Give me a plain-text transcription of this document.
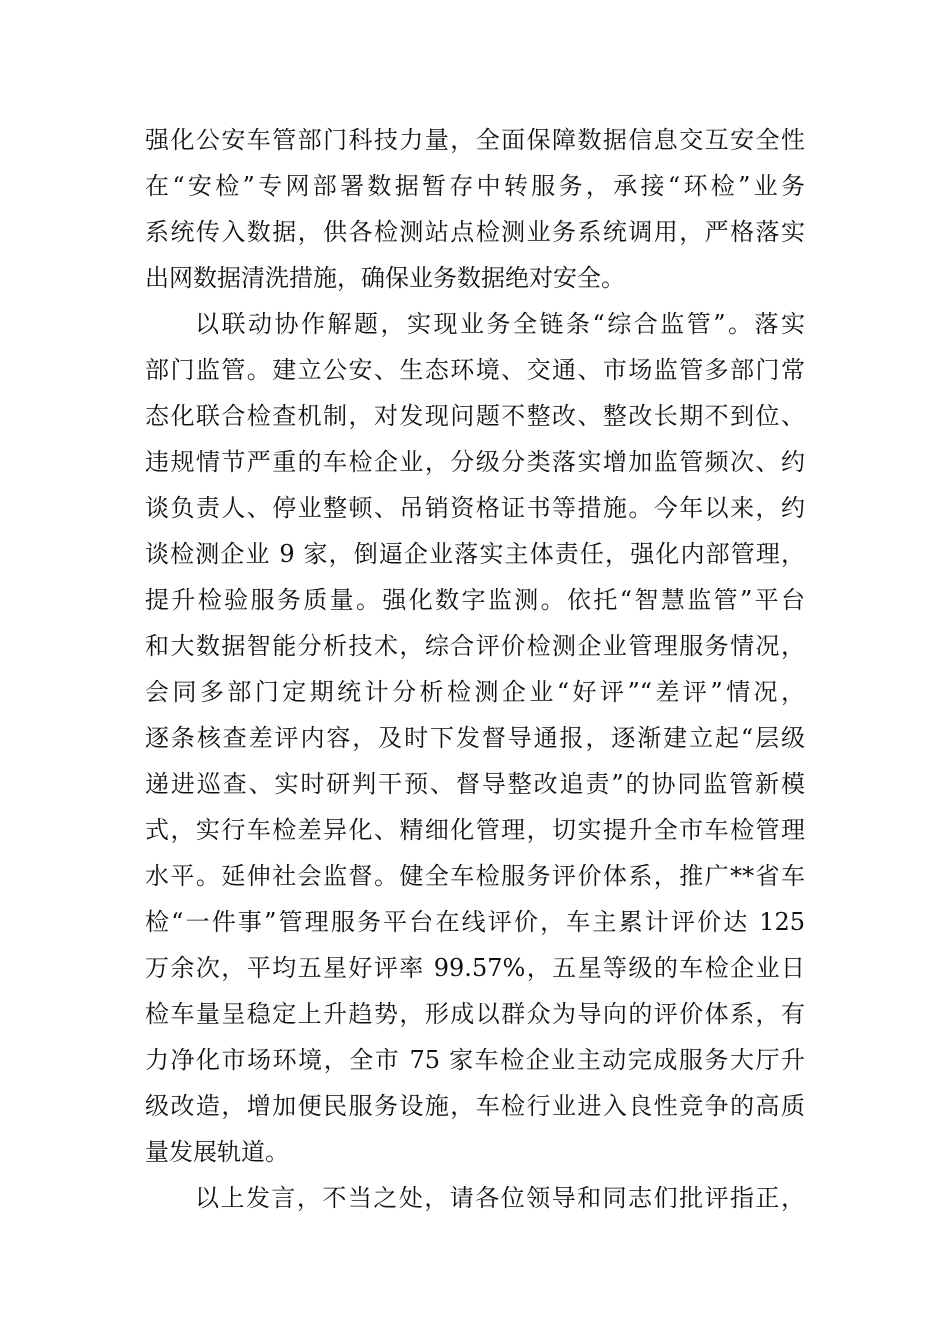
强化公安车管部门科技力量，全面保障数据信息交互安全性
在“安检”专网部署数据暂存中转服务，承接“环检”业务
系统传入数据，供各检测站点检测业务系统调用，严格落实
出网数据清洗措施，确保业务数据绝对安全。
以联动协作解题，实现业务全链条“综合监管”。落实
部门监管。建立公安、生态环境、交通、市场监管多部门常
态化联合检查机制，对发现问题不整改、整改长期不到位、
违规情节严重的车检企业，分级分类落实增加监管频次、约
谈负责人、停业整顿、吊销资格证书等措施。今年以来，约
谈检测企业 9 家，倒逼企业落实主体责任，强化内部管理，
提升检验服务质量。强化数字监测。依托“智慧监管”平台
和大数据智能分析技术，综合评价检测企业管理服务情况，
会同多部门定期统计分析检测企业“好评”“差评”情况，
逐条核查差评内容，及时下发督导通报，逐渐建立起“层级
递进巡查、实时研判干预、督导整改追责”的协同监管新模
式，实行车检差异化、精细化管理，切实提升全市车检管理
水平。延伸社会监督。健全车检服务评价体系，推广**省车
检“一件事”管理服务平台在线评价，车主累计评价达 125
万余次，平均五星好评率 99.57%，五星等级的车检企业日
检车量呈稳定上升趋势，形成以群众为导向的评价体系，有
力净化市场环境，全市 75 家车检企业主动完成服务大厅升
级改造，增加便民服务设施，车检行业进入良性竞争的高质
量发展轨道。
以上发言，不当之处，请各位领导和同志们批评指正，
